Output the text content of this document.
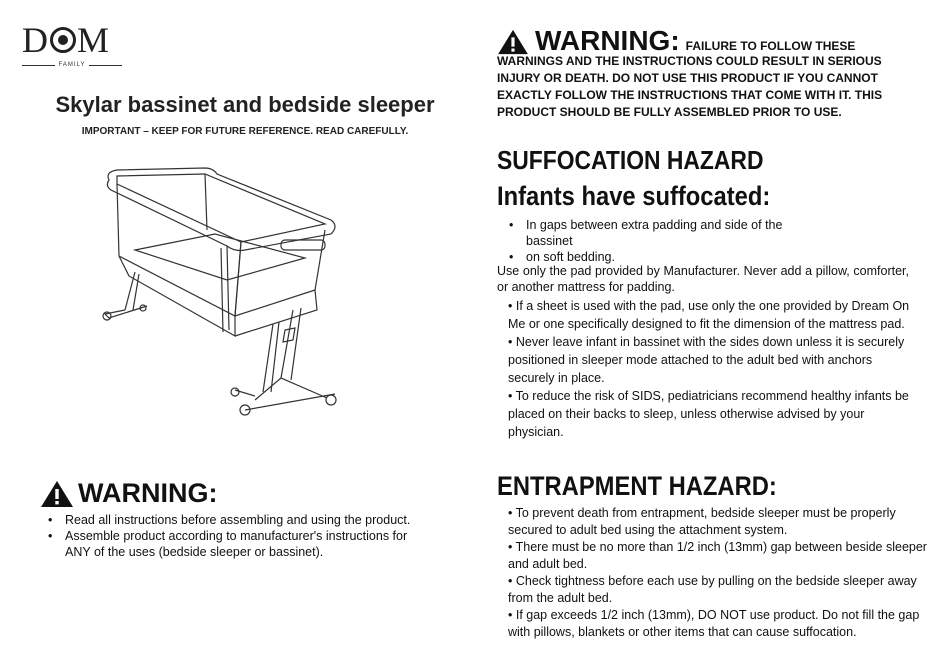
D M
FAMILY
Skylar bassinet and bedside sleeper
IMPORTANT – KEEP FOR FUTURE REFERENCE. READ CAREFULLY.
WARNING:
• Read all instructions before assembling and using the product.
• Assemble product according to manufacturer's instructions for ANY of the uses (bedside sleeper or bassinet).
WARNING: FAILURE TO FOLLOW THESE
WARNINGS AND THE INSTRUCTIONS COULD RESULT IN SERIOUS INJURY OR DEATH. DO NOT USE THIS PRODUCT IF YOU CANNOT EXACTLY FOLLOW THE INSTRUCTIONS THAT COME WITH IT. THIS PRODUCT SHOULD BE FULLY ASSEMBLED PRIOR TO USE.
SUFFOCATION HAZARD
Infants have suffocated:
• In gaps between extra padding and side of the bassinet
• on soft bedding.
Use only the pad provided by Manufacturer. Never add a pillow, comforter, or another mattress for padding.

• If a sheet is used with the pad, use only the one provided by Dream On Me or one specifically designed to fit the dimension of the mattress pad.

• Never leave infant in bassinet with the sides down unless it is securely positioned in sleeper mode attached to the adult bed with anchors securely in place.

• To reduce the risk of SIDS, pediatricians recommend healthy infants be placed on their backs to sleep, unless otherwise advised by your physician.

ENTRAPMENT HAZARD:

• To prevent death from entrapment, bedside sleeper must be properly secured to adult bed using the attachment system.

• There must be no more than 1/2 inch (13mm) gap between beside sleeper and adult bed.

• Check tightness before each use by pulling on the bedside sleeper away from the adult bed.

• If gap exceeds 1/2 inch (13mm), DO NOT use product. Do not fill the gap with pillows, blankets or other items that can cause suffocation.
